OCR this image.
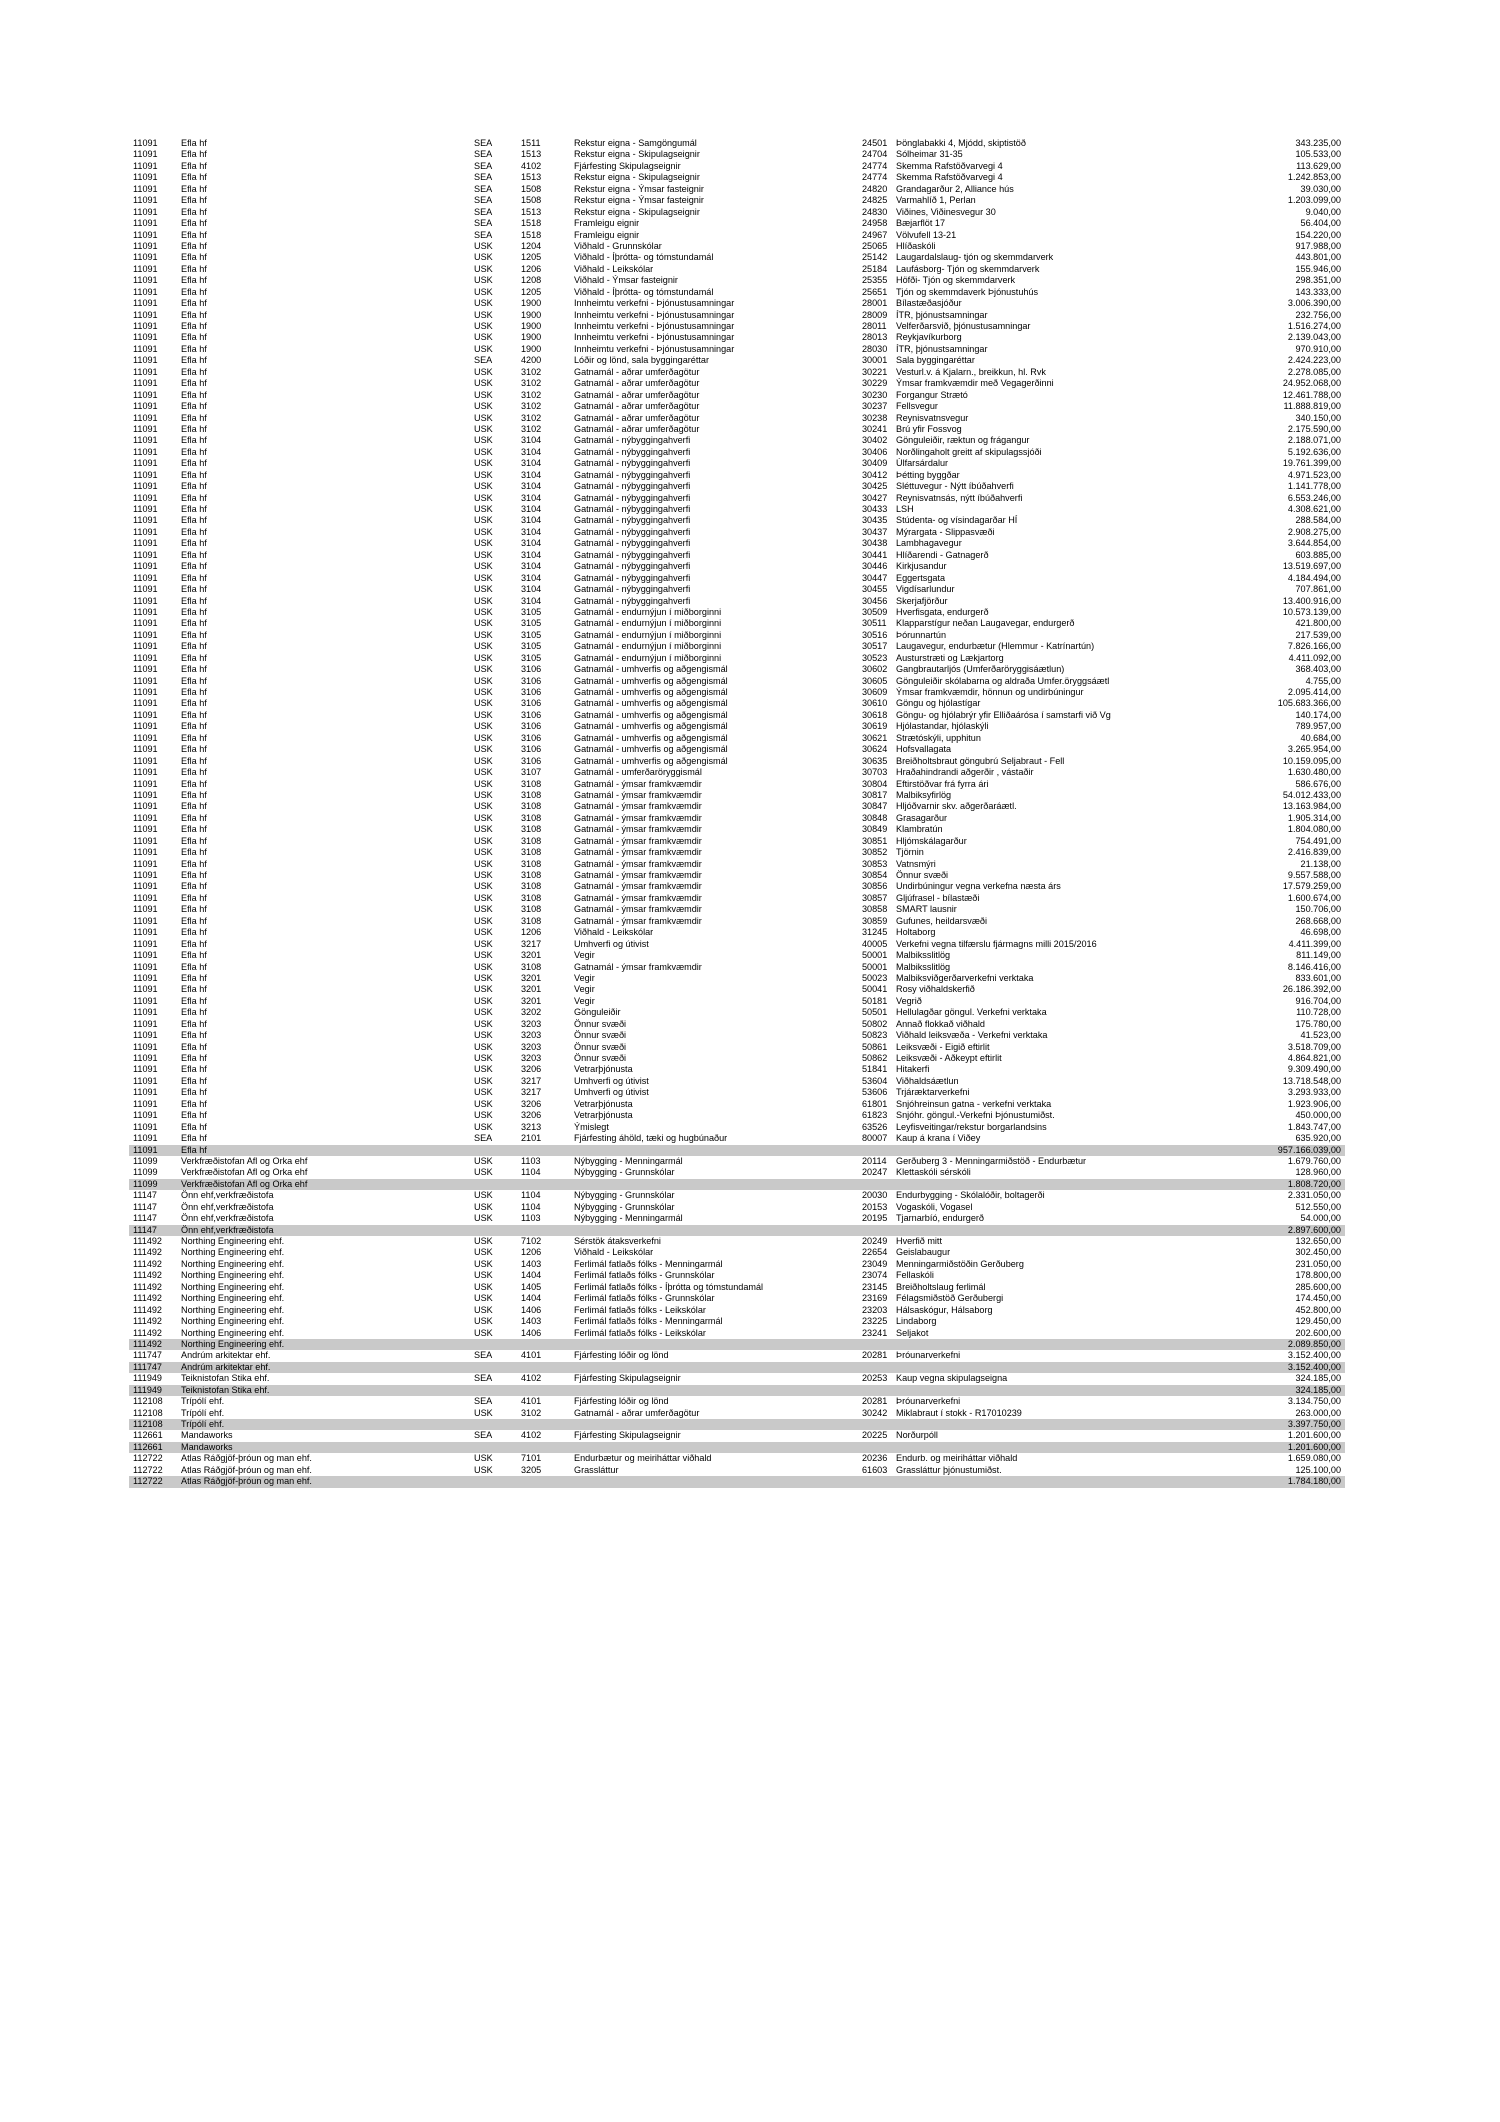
11091	Efla hf	SEA	1511	Rekstur eigna - Samgöngumál	24501 Þönglabakki 4, Mjódd, skiptistöð	343.235,00
11091	Efla hf	SEA	1513	Rekstur eigna - Skipulagseignir	24704 Sólheimar 31-35	105.533,00
11091	Efla hf	SEA	4102	Fjárfesting Skipulagseignir	24774 Skemma Rafstöðvarvegi 4	113.629,00
11091	Efla hf	SEA	1513	Rekstur eigna - Skipulagseignir	24774 Skemma Rafstöðvarvegi 4	1.242.853,00
11091	Efla hf	SEA	1508	Rekstur eigna - Ýmsar fasteignir	24820 Grandagarður 2, Alliance hús	39.030,00
11091	Efla hf	SEA	1508	Rekstur eigna - Ýmsar fasteignir	24825 Varmahlíð 1, Perlan	1.203.099,00
11091	Efla hf	SEA	1513	Rekstur eigna - Skipulagseignir	24830 Viðines, Viðinesvegur 30	9.040,00
11091	Efla hf	SEA	1518	Framleigu eignir	24958 Bæjarflöt 17	56.404,00
11091	Efla hf	SEA	1518	Framleigu eignir	24967 Völvufell 13-21	154.220,00
11091	Efla hf	USK	1204	Viðhald - Grunnskólar	25065 Hlíðaskóli	917.988,00
11091	Efla hf	USK	1205	Viðhald - Íþrótta- og tómstundamál	25142 Laugardalslaug- tjón og skemmdarverk	443.801,00
11091	Efla hf	USK	1206	Viðhald - Leikskólar	25184 Laufásborg- Tjón og skemmdarverk	155.946,00
11091	Efla hf	USK	1208	Viðhald - Ýmsar fasteignir	25355 Höfði- Tjón og skemmdarverk	298.351,00
11091	Efla hf	USK	1205	Viðhald - Íþrótta- og tómstundamál	25651 Tjón og skemmdaverk Þjónustuhús	143.333,00
11091	Efla hf	USK	1900	Innheimtu verkefni - Þjónustusamningar	28001 Bílastæðasjóður	3.006.390,00
11091	Efla hf	USK	1900	Innheimtu verkefni - Þjónustusamningar	28009 ÍTR, þjónustsamningar	232.756,00
11091	Efla hf	USK	1900	Innheimtu verkefni - Þjónustusamningar	28011	Velferðarsvið, þjónustusamningar	1.516.274,00
11091	Efla hf	USK	1900	Innheimtu verkefni - Þjónustusamningar	28013 Reykjavíkurborg	2.139.043,00
11091	Efla hf	USK	1900	Innheimtu verkefni - Þjónustusamningar	28030 ÍTR, þjónustsamningar	970.910,00
11091	Efla hf	SEA	4200	Lóðir og lönd, sala byggingaréttar	30001 Sala byggingaréttar	2.424.223,00
11091	Efla hf	USK	3102	Gatnamál - aðrar umferðagötur	30221 Vesturl.v. á Kjalarn., breikkun, hl. Rvk	2.278.085,00
11091	Efla hf	USK	3102	Gatnamál - aðrar umferðagötur	30229 Ýmsar framkvæmdir með Vegagerðinni	24.952.068,00
11091	Efla hf	USK	3102	Gatnamál - aðrar umferðagötur	30230 Forgangur Strætó	12.461.788,00
11091	Efla hf	USK	3102	Gatnamál - aðrar umferðagötur	30237 Fellsvegur	11.888.819,00
11091	Efla hf	USK	3102	Gatnamál - aðrar umferðagötur	30238 Reynisvatnsvegur	340.150,00
11091	Efla hf	USK	3102	Gatnamál - aðrar umferðagötur	30241 Brú yfir Fossvog	2.175.590,00
11091	Efla hf	USK	3104	Gatnamál - nýbyggingahverfi	30402 Gönguleiðir, ræktun og frágangur	2.188.071,00
11091	Efla hf	USK	3104	Gatnamál - nýbyggingahverfi	30406 Norðlingaholt greitt af skipulagssjóði	5.192.636,00
11091	Efla hf	USK	3104	Gatnamál - nýbyggingahverfi	30409 Úlfarsárdalur	19.761.399,00
11091	Efla hf	USK	3104	Gatnamál - nýbyggingahverfi	30412 Þétting byggðar	4.971.523,00
11091	Efla hf	USK	3104	Gatnamál - nýbyggingahverfi	30425 Sléttuvegur - Nýtt íbúðahverfi	1.141.778,00
11091	Efla hf	USK	3104	Gatnamál - nýbyggingahverfi	30427 Reynisvatnsás, nýtt íbúðahverfi	6.553.246,00
11091	Efla hf	USK	3104	Gatnamál - nýbyggingahverfi	30433 LSH	4.308.621,00
11091	Efla hf	USK	3104	Gatnamál - nýbyggingahverfi	30435 Stúdenta- og vísindagarðar HÍ	288.584,00
11091	Efla hf	USK	3104	Gatnamál - nýbyggingahverfi	30437 Mýrargata - Slippasvæði	2.908.275,00
11091	Efla hf	USK	3104	Gatnamál - nýbyggingahverfi	30438 Lambhagavegur	3.644.854,00
11091	Efla hf	USK	3104	Gatnamál - nýbyggingahverfi	30441 Hlíðarendi - Gatnagerð	603.885,00
11091	Efla hf	USK	3104	Gatnamál - nýbyggingahverfi	30446 Kirkjusandur	13.519.697,00
11091	Efla hf	USK	3104	Gatnamál - nýbyggingahverfi	30447 Eggertsgata	4.184.494,00
11091	Efla hf	USK	3104	Gatnamál - nýbyggingahverfi	30455 Vigdísarlundur	707.861,00
11091	Efla hf	USK	3104	Gatnamál - nýbyggingahverfi	30456 Skerjafjörður	13.400.916,00
11091	Efla hf	USK	3105	Gatnamál - endurnýjun í miðborginni	30509 Hverfisgata, endurgerð	10.573.139,00
11091	Efla hf	USK	3105	Gatnamál - endurnýjun í miðborginni	30511	Klapparstígur neðan Laugavegar, endurgerð	421.800,00
11091	Efla hf	USK	3105	Gatnamál - endurnýjun í miðborginni	30516 Þórunnartún	217.539,00
11091	Efla hf	USK	3105	Gatnamál - endurnýjun í miðborginni	30517 Laugavegur, endurbætur (Hlemmur - Katrínartún)	7.826.166,00
11091	Efla hf	USK	3105	Gatnamál - endurnýjun í miðborginni	30523 Austurstræti og Lækjartorg	4.411.092,00
11091	Efla hf	USK	3106	Gatnamál - umhverfis og aðgengismál	30602 Gangbrautarljós (Umferðaröryggisáætlun)	368.403,00
11091	Efla hf	USK	3106	Gatnamál - umhverfis og aðgengismál	30605 Gönguleiðir skólabarna og aldraða Umfer.öryggsáætl	4.755,00
11091	Efla hf	USK	3106	Gatnamál - umhverfis og aðgengismál	30609 Ýmsar framkvæmdir, hönnun og undirbúningur	2.095.414,00
11091	Efla hf	USK	3106	Gatnamál - umhverfis og aðgengismál	30610 Göngu og hjólastígar	105.683.366,00
11091	Efla hf	USK	3106	Gatnamál - umhverfis og aðgengismál	30618 Göngu- og hjólabrýr yfir Elliðaárósa í samstarfi við Vg	140.174,00
11091	Efla hf	USK	3106	Gatnamál - umhverfis og aðgengismál	30619 Hjólastandar, hjólaskýli	789.957,00
11091	Efla hf	USK	3106	Gatnamál - umhverfis og aðgengismál	30621 Strætóskýli, upphitun	40.684,00
11091	Efla hf	USK	3106	Gatnamál - umhverfis og aðgengismál	30624 Hofsvallagata	3.265.954,00
11091	Efla hf	USK	3106	Gatnamál - umhverfis og aðgengismál	30635 Breiðholtsbraut göngubrú Seljabraut - Fell	10.159.095,00
11091	Efla hf	USK	3107	Gatnamál - umferðaröryggismál	30703 Hraðahindrandi aðgerðir , vástaðir	1.630.480,00
11091	Efla hf	USK	3108	Gatnamál - ýmsar framkvæmdir	30804 Eftirstöðvar frá fyrra ári	586.676,00
11091	Efla hf	USK	3108	Gatnamál - ýmsar framkvæmdir	30817 Malbiksyfirlög	54.012.433,00
11091	Efla hf	USK	3108	Gatnamál - ýmsar framkvæmdir	30847 Hljóðvarnir skv. aðgerðaráætl.	13.163.984,00
11091	Efla hf	USK	3108	Gatnamál - ýmsar framkvæmdir	30848 Grasagarður	1.905.314,00
11091	Efla hf	USK	3108	Gatnamál - ýmsar framkvæmdir	30849 Klambratún	1.804.080,00
11091	Efla hf	USK	3108	Gatnamál - ýmsar framkvæmdir	30851 Hljómskálagarður	754.491,00
11091	Efla hf	USK	3108	Gatnamál - ýmsar framkvæmdir	30852 Tjörnin	2.416.839,00
11091	Efla hf	USK	3108	Gatnamál - ýmsar framkvæmdir	30853 Vatnsmýri	21.138,00
11091	Efla hf	USK	3108	Gatnamál - ýmsar framkvæmdir	30854 Önnur svæði	9.557.588,00
11091	Efla hf	USK	3108	Gatnamál - ýmsar framkvæmdir	30856 Undirbúningur vegna verkefna næsta árs	17.579.259,00
11091	Efla hf	USK	3108	Gatnamál - ýmsar framkvæmdir	30857 Gljúfrasel - bílastæði	1.600.674,00
11091	Efla hf	USK	3108	Gatnamál - ýmsar framkvæmdir	30858 SMART lausnir	150.706,00
11091	Efla hf	USK	3108	Gatnamál - ýmsar framkvæmdir	30859 Gufunes, heildarsvæði	268.668,00
11091	Efla hf	USK	1206	Viðhald - Leikskólar	31245 Holtaborg	46.698,00
11091	Efla hf	USK	3217	Umhverfi og útivist	40005 Verkefni vegna tilfærslu fjármagns milli 2015/2016	4.411.399,00
11091	Efla hf	USK	3201	Vegir	50001 Malbiksslitlög	811.149,00
11091	Efla hf	USK	3108	Gatnamál - ýmsar framkvæmdir	50001 Malbiksslitlög	8.146.416,00
11091	Efla hf	USK	3201	Vegir	50023 Malbiksviðgerðarverkefni verktaka	833.601,00
11091	Efla hf	USK	3201	Vegir	50041 Rosy viðhaldskerfið	26.186.392,00
11091	Efla hf	USK	3201	Vegir	50181 Vegrið	916.704,00
11091	Efla hf	USK	3202	Gönguleiðir	50501 Hellulagðar göngul. Verkefni verktaka	110.728,00
11091	Efla hf	USK	3203	Önnur svæði	50802 Annað flokkað viðhald	175.780,00
11091	Efla hf	USK	3203	Önnur svæði	50823 Viðhald leiksvæða - Verkefni verktaka	41.523,00
11091	Efla hf	USK	3203	Önnur svæði	50861 Leiksvæði - Eigið eftirlit	3.518.709,00
11091	Efla hf	USK	3203	Önnur svæði	50862 Leiksvæði - Aðkeypt eftirlit	4.864.821,00
11091	Efla hf	USK	3206	Vetrarþjónusta	51841 Hitakerfi	9.309.490,00
11091	Efla hf	USK	3217	Umhverfi og útivist	53604 Viðhaldsáætlun	13.718.548,00
11091	Efla hf	USK	3217	Umhverfi og útivist	53606 Trjáræktarverkefni	3.293.933,00
11091	Efla hf	USK	3206	Vetrarþjónusta	61801 Snjóhreinsun gatna - verkefni verktaka	1.923.906,00
11091	Efla hf	USK	3206	Vetrarþjónusta	61823 Snjóhr. göngul.-Verkefni Þjónustumiðst.	450.000,00
11091	Efla hf	USK	3213	Ýmislegt	63526 Leyfisveitingar/rekstur borgarlandsins	1.843.747,00
11091	Efla hf	SEA	2101	Fjárfesting áhöld, tæki og hugbúnaður	80007 Kaup á krana í Viðey	635.920,00
11091	Efla hf	957.166.039,00
11099	Verkfræðistofan Afl og Orka ehf	USK	1103	Nýbygging - Menningarmál	20114	Gerðuberg 3 - Menningarmiðstöð - Endurbætur	1.679.760,00
11099	Verkfræðistofan Afl og Orka ehf	USK	1104	Nýbygging - Grunnskólar	20247 Klettaskóli sérskóli	128.960,00
11099	Verkfræðistofan Afl og Orka ehf	1.808.720,00
11147	Önn ehf,verkfræðistofa	USK	1104	Nýbygging - Grunnskólar	20030 Endurbygging - Skólalóðir, boltagerði	2.331.050,00
11147	Önn ehf,verkfræðistofa	USK	1104	Nýbygging - Grunnskólar	20153 Vogaskóli, Vogasel	512.550,00
11147	Önn ehf,verkfræðistofa	USK	1103	Nýbygging - Menningarmál	20195 Tjarnarbíó, endurgerð	54.000,00
11147	Önn ehf,verkfræðistofa	2.897.600,00
111492	Northing Engineering ehf.	USK	7102	Sérstök átaksverkefni	20249 Hverfið mitt	132.650,00
111492	Northing Engineering ehf.	USK	1206	Viðhald - Leikskólar	22654 Geislabaugur	302.450,00
111492	Northing Engineering ehf.	USK	1403	Ferlimál fatlaðs fólks - Menningarmál	23049 Menningarmiðstöðin Gerðuberg	231.050,00
111492	Northing Engineering ehf.	USK	1404	Ferlimál fatlaðs fólks - Grunnskólar	23074 Fellaskóli	178.800,00
111492	Northing Engineering ehf.	USK	1405	Ferlimál fatlaðs fólks - Íþrótta og tómstundamál	23145 Breiðholtslaug ferlimál	285.600,00
111492	Northing Engineering ehf.	USK	1404	Ferlimál fatlaðs fólks - Grunnskólar	23169 Félagsmiðstöð Gerðubergi	174.450,00
111492	Northing Engineering ehf.	USK	1406	Ferlimál fatlaðs fólks - Leikskólar	23203 Hálsaskógur, Hálsaborg	452.800,00
111492	Northing Engineering ehf.	USK	1403	Ferlimál fatlaðs fólks - Menningarmál	23225 Lindaborg	129.450,00
111492	Northing Engineering ehf.	USK	1406	Ferlimál fatlaðs fólks - Leikskólar	23241 Seljakot	202.600,00
111492	Northing Engineering ehf.	2.089.850,00
111747	Andrúm arkitektar ehf.	SEA	4101	Fjárfesting lóðir og lönd	20281 Þróunarverkefni	3.152.400,00
111747	Andrúm arkitektar ehf.	3.152.400,00
111949	Teiknistofan Stika ehf.	SEA	4102	Fjárfesting Skipulagseignir	20253 Kaup vegna skipulagseigna	324.185,00
111949	Teiknistofan Stika ehf.	324.185,00
112108	Trípólí ehf.	SEA	4101	Fjárfesting lóðir og lönd	20281 Þróunarverkefni	3.134.750,00
112108	Trípólí ehf.	USK	3102	Gatnamál - aðrar umferðagötur	30242 Miklabraut í stokk - R17010239	263.000,00
112108	Trípólí ehf.	3.397.750,00
112661	Mandaworks	SEA	4102	Fjárfesting Skipulagseignir	20225 Norðurpóll	1.201.600,00
112661	Mandaworks	1.201.600,00
112722	Atlas Ráðgjöf-þróun og man ehf.	USK	7101	Endurbætur og meiriháttar viðhald	20236 Endurb. og meiriháttar viðhald	1.659.080,00
112722	Atlas Ráðgjöf-þróun og man ehf.	USK	3205	Grassláttur	61603 Grassláttur þjónustumiðst.	125.100,00
112722	Atlas Ráðgjöf-þróun og man ehf.	1.784.180,00
